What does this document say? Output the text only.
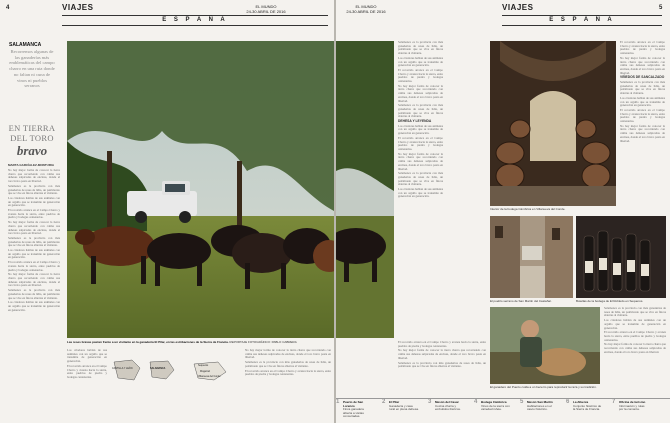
4	VIAJES	EL MUNDO
24-30 ABRIL DE 2016
E S P A Ñ A
SALAMANCA
Recorremos algunas de las ganaderías más emblemáticas del campo charro en una ruta donde no faltan ni cuna de vinos ni pueblos serranos
EN TIERRA DEL TORO
bravo
MARTA GARCÍALEZ-MONTURIA

No hay mejor forma de conocer la tierra charra que recorriendo con calma sus dehesas salpicadas de encinas, donde el toro bravo pasta en libertad.

Salamanca es la provincia con más ganaderías de reses de lidia, un patrimonio que se vive en fincas abiertas al visitante.

Los criadores hablan de sus animales con un orgullo que se transmite de generación en generación.

El recorrido arranca en el Campo Charro y avanza hacia la sierra, entre pueblos de piedra y bodegas centenarias.

No hay mejor forma de conocer la tierra charra que recorriendo con calma sus dehesas salpicadas de encinas, donde el toro bravo pasta en libertad.

Salamanca es la provincia con más ganaderías de reses de lidia, un patrimonio que se vive en fincas abiertas al visitante.

Los criadores hablan de sus animales con un orgullo que se transmite de generación en generación.

El recorrido arranca en el Campo Charro y avanza hacia la sierra, entre pueblos de piedra y bodegas centenarias.

No hay mejor forma de conocer la tierra charra que recorriendo con calma sus dehesas salpicadas de encinas, donde el toro bravo pasta en libertad.

Salamanca es la provincia con más ganaderías de reses de lidia, un patrimonio que se vive en fincas abiertas al visitante.

Los criadores hablan de sus animales con un orgullo que se transmite de generación en generación.

Las reses bravas pastan frente a un visitante en la ganadería El Pilar, en las estribaciones de la Sierra de Francia. REPORTAJE FOTOGRÁFICO: PABLO CABRERA

Los criadores hablan de sus animales con un orgullo que se transmite de generación en generación.

El recorrido arranca en el Campo Charro y avanza hacia la sierra, entre pueblos de piedra y bodegas centenarias.

CASTILLA Y LEÓN	SALAMANCA
Sequeros
Mogarraz
Villanueva del Conde

No hay mejor forma de conocer la tierra charra que recorriendo con calma sus dehesas salpicadas de encinas, donde el toro bravo pasta en libertad.

Salamanca es la provincia con más ganaderías de reses de lidia, un patrimonio que se vive en fincas abiertas al visitante.

El recorrido arranca en el Campo Charro y avanza hacia la sierra, entre pueblos de piedra y bodegas centenarias.

EL MUNDO
24-30 ABRIL DE 2016	VIAJES	5
E S P A Ñ A

Salamanca es la provincia con más ganaderías de reses de lidia, un patrimonio que se vive en fincas abiertas al visitante.

Los criadores hablan de sus animales con un orgullo que se transmite de generación en generación.

El recorrido arranca en el Campo Charro y avanza hacia la sierra, entre pueblos de piedra y bodegas centenarias.

No hay mejor forma de conocer la tierra charra que recorriendo con calma sus dehesas salpicadas de encinas, donde el toro bravo pasta en libertad.

Salamanca es la provincia con más ganaderías de reses de lidia, un patrimonio que se vive en fincas abiertas al visitante.

DEHESA Y LEYENDA

Los criadores hablan de sus animales con un orgullo que se transmite de generación en generación.

El recorrido arranca en el Campo Charro y avanza hacia la sierra, entre pueblos de piedra y bodegas centenarias.

No hay mejor forma de conocer la tierra charra que recorriendo con calma sus dehesas salpicadas de encinas, donde el toro bravo pasta en libertad.

Salamanca es la provincia con más ganaderías de reses de lidia, un patrimonio que se vive en fincas abiertas al visitante.

Los criadores hablan de sus animales con un orgullo que se transmite de generación en generación.

Interior de la bodega Cámbrica en Villanueva del Conde.

El recorrido arranca en el Campo Charro y avanza hacia la sierra, entre pueblos de piedra y bodegas centenarias.

No hay mejor forma de conocer la tierra charra que recorriendo con calma sus dehesas salpicadas de encinas, donde el toro bravo pasta en libertad.

VIÑEDOS DE SANCALZADO

Salamanca es la provincia con más ganaderías de reses de lidia, un patrimonio que se vive en fincas abiertas al visitante.

Los criadores hablan de sus animales con un orgullo que se transmite de generación en generación.

El recorrido arranca en el Campo Charro y avanza hacia la sierra, entre pueblos de piedra y bodegas centenarias.

No hay mejor forma de conocer la tierra charra que recorriendo con calma sus dehesas salpicadas de encinas, donde el toro bravo pasta en libertad.

El pueblo serrano de San Martín del Castañar.	Botellas de la bodega de El Robledo en Sequeros.
El ganadero del Puerto cuida a un becerro para reproducir la raza y su tradición.

Salamanca es la provincia con más ganaderías de reses de lidia, un patrimonio que se vive en fincas abiertas al visitante.

Los criadores hablan de sus animales con un orgullo que se transmite de generación en generación.

El recorrido arranca en el Campo Charro y avanza hacia la sierra, entre pueblos de piedra y bodegas centenarias.

No hay mejor forma de conocer la tierra charra que recorriendo con calma sus dehesas salpicadas de encinas, donde el toro bravo pasta en libertad.

El recorrido arranca en el Campo Charro y avanza hacia la sierra, entre pueblos de piedra y bodegas centenarias.

No hay mejor forma de conocer la tierra charra que recorriendo con calma sus dehesas salpicadas de encinas, donde el toro bravo pasta en libertad.

Salamanca es la provincia con más ganaderías de reses de lidia, un patrimonio que se vive en fincas abiertas al visitante.

1 Puerto de San Lorenzo
Finca ganadera abierta a visitas concertadas.
2 El Pilar
Ganadería y casa rural en plena dehesa.
3 Mesón del Casar
Cocina charra y embutidos ibéricos.
4 Bodega Cámbrica
Vinos de la sierra con variedad rufete.
5 Mesón San Martín
Habitaciones en el casco histórico.
6 La Alberca
Conjunto histórico de la Sierra de Francia.
7 Oficina de turismo
Información y rutas por la comarca.
